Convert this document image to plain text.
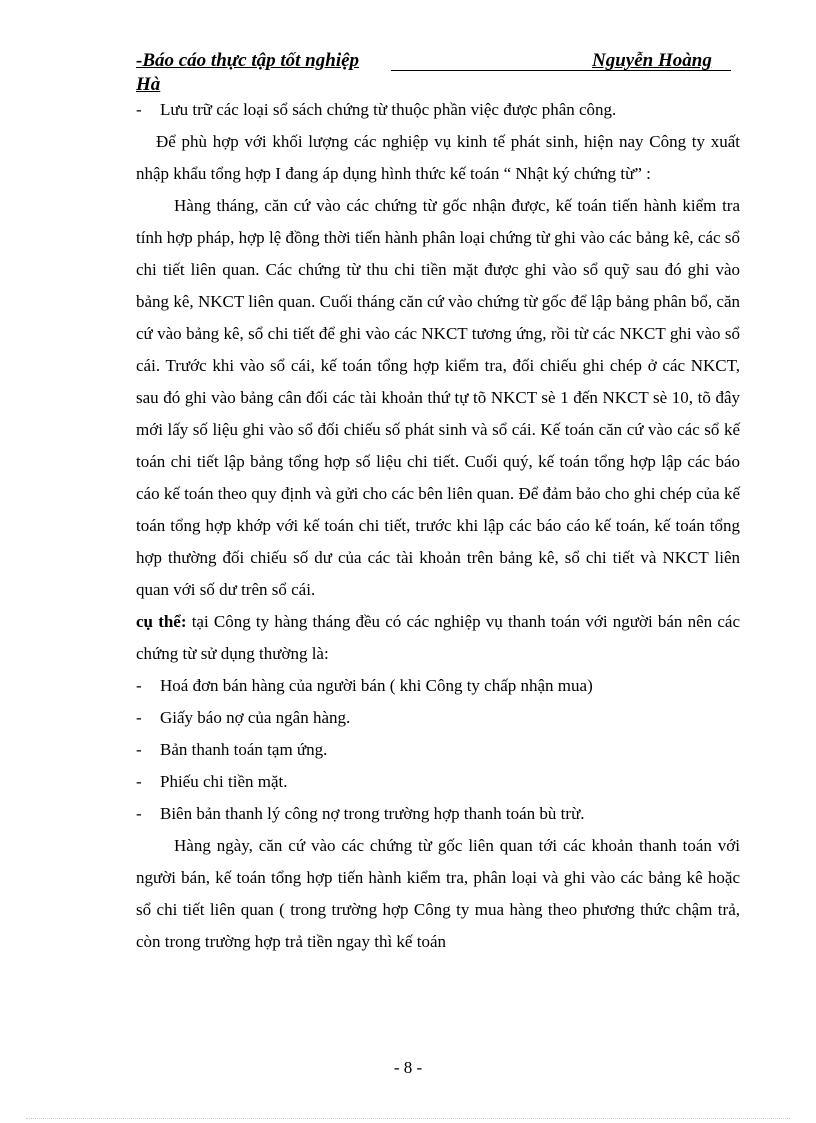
-Báo cáo thực tập tốt nghiệp	Nguyễn Hoàng
Hà
-	Lưu trữ các loại sổ sách chứng từ thuộc phần việc được phân công.
Để phù hợp với khối lượng các nghiệp vụ kinh tế phát sinh, hiện nay Công ty xuất nhập khẩu tổng hợp I đang áp dụng hình thức kế toán “ Nhật ký chứng từ” :
Hàng tháng, căn cứ vào các chứng từ gốc nhận được, kế toán tiến hành kiểm tra tính hợp pháp, hợp lệ đồng thời tiến hành phân loại chứng từ ghi vào các bảng kê, các sổ chi tiết liên quan. Các chứng từ thu chi tiền mặt được ghi vào sổ quỹ sau đó ghi vào bảng kê, NKCT liên quan. Cuối tháng căn cứ vào chứng từ gốc để lập bảng phân bổ, căn cứ vào bảng kê, sổ chi tiết để ghi vào các NKCT tương ứng, rồi từ các NKCT ghi vào sổ cái. Trước khi vào sổ cái, kế toán tổng hợp kiểm tra, đối chiếu ghi chép ở các NKCT, sau đó ghi vào bảng cân đối các tài khoản thứ tự tõ NKCT sè 1 đến NKCT sè 10, tõ đây mới lấy số liệu ghi vào sổ đối chiếu số phát sinh và sổ cái. Kế toán căn cứ vào các sổ kế toán chi tiết lập bảng tổng hợp số liệu chi tiết. Cuối quý, kế toán tổng hợp lập các báo cáo kế toán theo quy định và gửi cho các bên liên quan. Để đảm bảo cho ghi chép của kế toán tổng hợp khớp với kế toán chi tiết, trước khi lập các báo cáo kế toán, kế toán tổng hợp thường đối chiếu số dư của các tài khoản trên bảng kê, sổ chi tiết và NKCT liên quan với số dư trên sổ cái.
cụ thể: tại Công ty hàng tháng đều có các nghiệp vụ thanh toán với người bán nên các chứng từ sử dụng thường là:
-	Hoá đơn bán hàng của người bán ( khi Công ty chấp nhận mua)
-	Giấy báo nợ của ngân hàng.
-	Bản thanh toán tạm ứng.
-	Phiếu chi tiền mặt.
-	Biên bản thanh lý công nợ trong trường hợp thanh toán bù trừ.
Hàng ngày, căn cứ vào các chứng từ gốc liên quan tới các khoản thanh toán với người bán, kế toán tổng hợp tiến hành kiểm tra, phân loại và ghi vào các bảng kê hoặc sổ chi tiết liên quan ( trong trường hợp Công ty mua hàng theo phương thức chậm trả, còn trong trường hợp trả tiền ngay thì kế toán
- 8 -
